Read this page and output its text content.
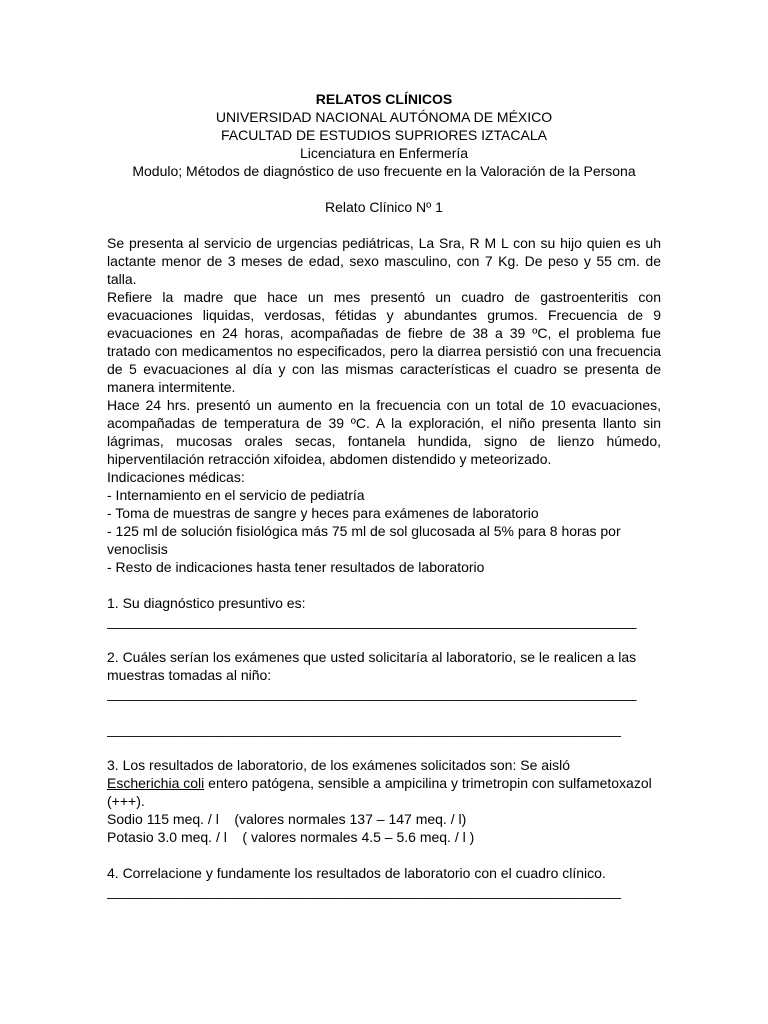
RELATOS CLÍNICOS
UNIVERSIDAD NACIONAL AUTÓNOMA DE MÉXICO
FACULTAD DE ESTUDIOS SUPRIORES IZTACALA
Licenciatura en Enfermería
Modulo; Métodos de diagnóstico de uso frecuente en la Valoración de la Persona
Relato Clínico Nº 1

Se presenta al servicio de urgencias pediátricas, La Sra, R M L con su hijo quien es uh lactante menor de 3 meses de edad, sexo masculino, con 7 Kg. De peso y 55 cm. de talla.

Refiere la madre que hace un mes presentó un cuadro de gastroenteritis con evacuaciones liquidas, verdosas, fétidas y abundantes grumos. Frecuencia de 9 evacuaciones en 24 horas, acompañadas de fiebre de 38 a 39 ºC, el problema fue tratado con medicamentos no especificados, pero la diarrea persistió con una frecuencia de 5 evacuaciones al día y con las mismas características el cuadro se presenta de manera intermitente.

Hace 24 hrs. presentó un aumento en la frecuencia con un total de 10 evacuaciones, acompañadas de temperatura de 39 ºC. A la exploración, el niño presenta llanto sin lágrimas, mucosas orales secas, fontanela hundida, signo de lienzo húmedo, hiperventilación retracción xifoidea, abdomen distendido y meteorizado.

Indicaciones médicas:
- Internamiento en el servicio de pediatría
- Toma de muestras de sangre y heces para exámenes de laboratorio
- 125 ml de solución fisiológica más 75 ml de sol glucosada al 5% para 8 horas por venoclisis
- Resto de indicaciones hasta tener resultados de laboratorio
1. Su diagnóstico presuntivo es:
____________________________________________________________________
2. Cuáles serían los exámenes que usted solicitaría al laboratorio, se le realicen a las muestras tomadas al niño:
____________________________________________________________________
__________________________________________________________________
3. Los resultados de laboratorio, de los exámenes solicitados son: Se aisló
Escherichia coli entero patógena, sensible a ampicilina y trimetropin con sulfametoxazol (+++).
Sodio 115 meq. / l    (valores normales 137 – 147 meq. / l)
Potasio 3.0 meq. / l    ( valores normales 4.5 – 5.6 meq. / l )
4. Correlacione y fundamente los resultados de laboratorio con el cuadro clínico.
__________________________________________________________________
